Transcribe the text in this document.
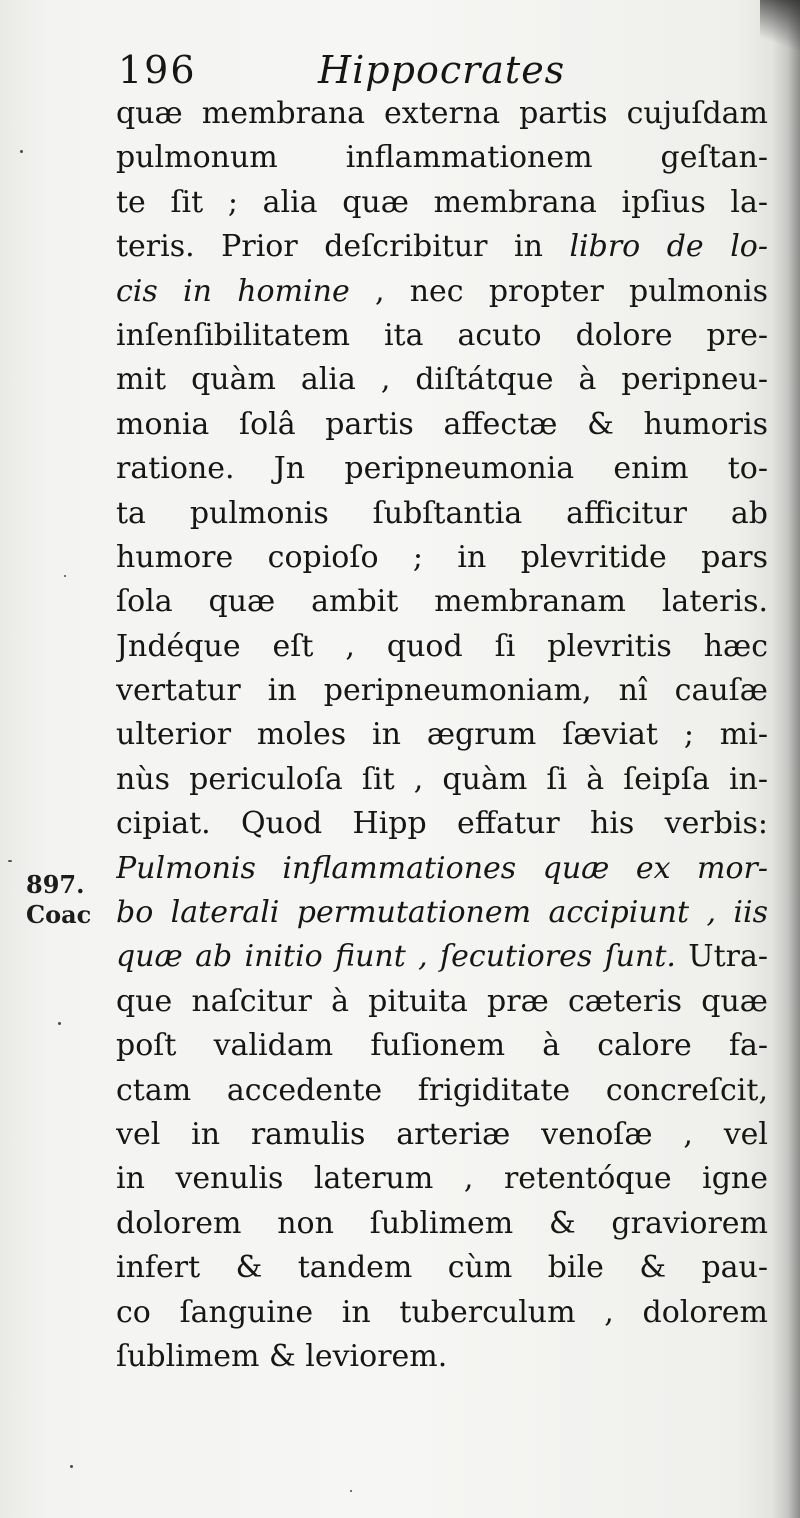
196	Hippocrates
897.
Coac
quæ membrana externa partis cujuſdam
pulmonum inflammationem geſtan-
te ſit ; alia quæ membrana ipſius la-
teris. Prior deſcribitur in libro de lo-
cis in homine , nec propter pulmonis
inſenſibilitatem ita acuto dolore pre-
mit quàm alia , diſtátque à peripneu-
monia ſolâ partis affectæ & humoris
ratione. Jn peripneumonia enim to-
ta pulmonis ſubſtantia afficitur ab
humore copioſo ; in plevritide pars
ſola quæ ambit membranam lateris.
Jndéque eſt , quod ſi plevritis hæc
vertatur in peripneumoniam, nî cauſæ
ulterior moles in ægrum ſæviat ; mi-
nùs periculoſa ſit , quàm ſi à ſeipſa in-
cipiat. Quod Hipp effatur his verbis:
Pulmonis inflammationes quæ ex mor-
bo laterali permutationem accipiunt , iis
quæ ab initio fiunt , ſecutiores ſunt. Utra-
que naſcitur à pituita præ cæteris quæ
poſt validam fuſionem à calore fa-
ctam accedente frigiditate concreſcit,
vel in ramulis arteriæ venoſæ , vel
in venulis laterum , retentóque igne
dolorem non ſublimem & graviorem
infert & tandem cùm bile & pau-
co ſanguine in tuberculum , dolorem
ſublimem & leviorem.
